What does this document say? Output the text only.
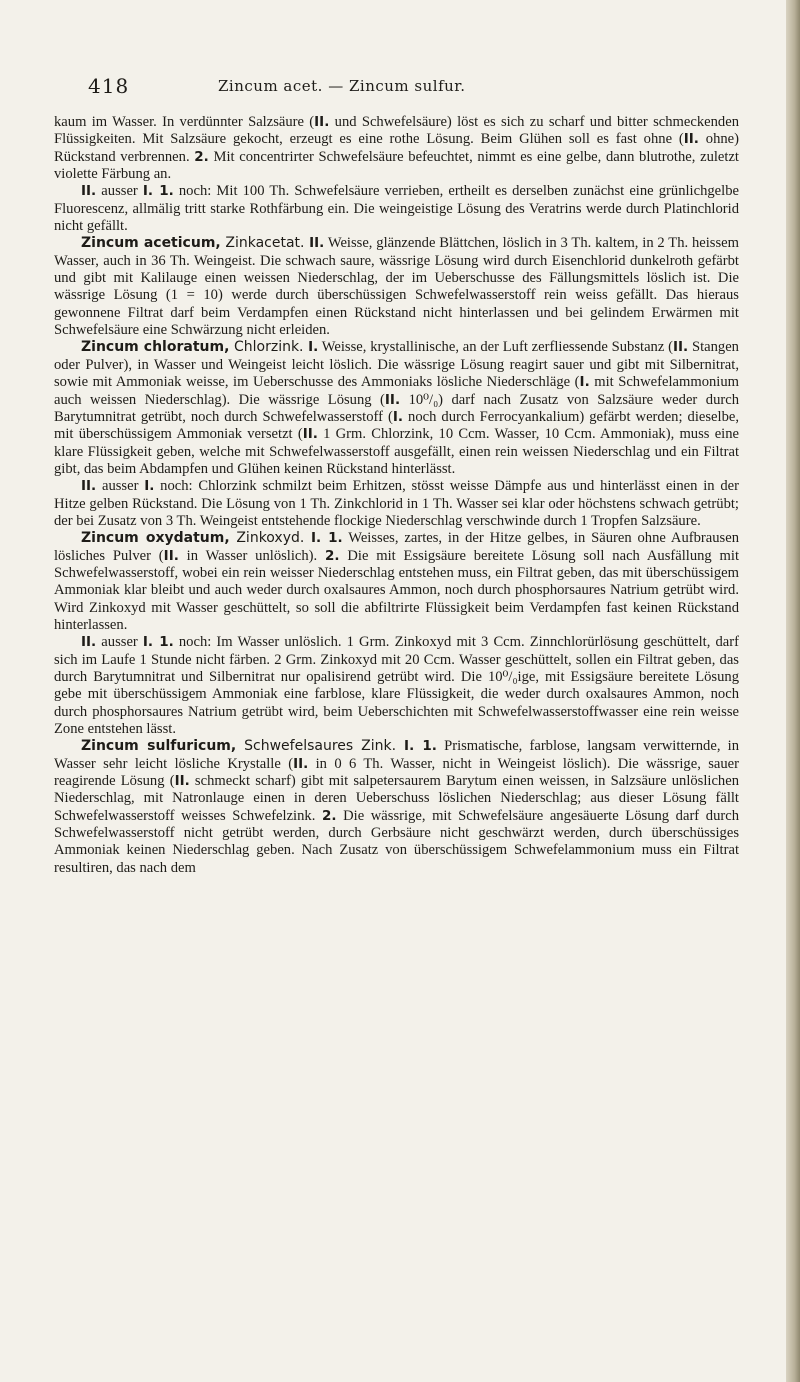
418	Zincum acet. — Zincum sulfur.

kaum im Wasser. In verdünnter Salzsäure (II. und Schwefelsäure) löst es sich zu scharf und bitter schmeckenden Flüssigkeiten. Mit Salzsäure gekocht, erzeugt es eine rothe Lösung. Beim Glühen soll es fast ohne (II. ohne) Rückstand verbrennen. 2. Mit concentrirter Schwefelsäure befeuchtet, nimmt es eine gelbe, dann blutrothe, zuletzt violette Färbung an.

II. ausser I. 1. noch: Mit 100 Th. Schwefelsäure verrieben, ertheilt es derselben zunächst eine grünlichgelbe Fluorescenz, allmälig tritt starke Rothfärbung ein. Die weingeistige Lösung des Veratrins werde durch Platinchlorid nicht gefällt.

Zincum aceticum, Zinkacetat. II. Weisse, glänzende Blättchen, löslich in 3 Th. kaltem, in 2 Th. heissem Wasser, auch in 36 Th. Weingeist. Die schwach saure, wässrige Lösung wird durch Eisenchlorid dunkelroth gefärbt und gibt mit Kalilauge einen weissen Niederschlag, der im Ueberschusse des Fällungsmittels löslich ist. Die wässrige Lösung (1 = 10) werde durch überschüssigen Schwefelwasserstoff rein weiss gefällt. Das hieraus gewonnene Filtrat darf beim Verdampfen einen Rückstand nicht hinterlassen und bei gelindem Erwärmen mit Schwefelsäure eine Schwärzung nicht erleiden.

Zincum chloratum, Chlorzink. I. Weisse, krystallinische, an der Luft zerfliessende Substanz (II. Stangen oder Pulver), in Wasser und Weingeist leicht löslich. Die wässrige Lösung reagirt sauer und gibt mit Silbernitrat, sowie mit Ammoniak weisse, im Ueberschusse des Ammoniaks lösliche Niederschläge (I. mit Schwefelammonium auch weissen Niederschlag). Die wässrige Lösung (II. 10⁰/₀) darf nach Zusatz von Salzsäure weder durch Barytumnitrat getrübt, noch durch Schwefelwasserstoff (I. noch durch Ferrocyankalium) gefärbt werden; dieselbe, mit überschüssigem Ammoniak versetzt (II. 1 Grm. Chlorzink, 10 Ccm. Wasser, 10 Ccm. Ammoniak), muss eine klare Flüssigkeit geben, welche mit Schwefelwasserstoff ausgefällt, einen rein weissen Niederschlag und ein Filtrat gibt, das beim Abdampfen und Glühen keinen Rückstand hinterlässt.

II. ausser I. noch: Chlorzink schmilzt beim Erhitzen, stösst weisse Dämpfe aus und hinterlässt einen in der Hitze gelben Rückstand. Die Lösung von 1 Th. Zinkchlorid in 1 Th. Wasser sei klar oder höchstens schwach getrübt; der bei Zusatz von 3 Th. Weingeist entstehende flockige Niederschlag verschwinde durch 1 Tropfen Salzsäure.

Zincum oxydatum, Zinkoxyd. I. 1. Weisses, zartes, in der Hitze gelbes, in Säuren ohne Aufbrausen lösliches Pulver (II. in Wasser unlöslich). 2. Die mit Essigsäure bereitete Lösung soll nach Ausfällung mit Schwefelwasserstoff, wobei ein rein weisser Niederschlag entstehen muss, ein Filtrat geben, das mit überschüssigem Ammoniak klar bleibt und auch weder durch oxalsaures Ammon, noch durch phosphorsaures Natrium getrübt wird. Wird Zinkoxyd mit Wasser geschüttelt, so soll die abfiltrirte Flüssigkeit beim Verdampfen fast keinen Rückstand hinterlassen.

II. ausser I. 1. noch: Im Wasser unlöslich. 1 Grm. Zinkoxyd mit 3 Ccm. Zinnchlorürlösung geschüttelt, darf sich im Laufe 1 Stunde nicht färben. 2 Grm. Zinkoxyd mit 20 Ccm. Wasser geschüttelt, sollen ein Filtrat geben, das durch Barytumnitrat und Silbernitrat nur opalisirend getrübt wird. Die 10⁰/₀ige, mit Essigsäure bereitete Lösung gebe mit überschüssigem Ammoniak eine farblose, klare Flüssigkeit, die weder durch oxalsaures Ammon, noch durch phosphorsaures Natrium getrübt wird, beim Ueberschichten mit Schwefelwasserstoffwasser eine rein weisse Zone entstehen lässt.

Zincum sulfuricum, Schwefelsaures Zink. I. 1. Prismatische, farblose, langsam verwitternde, in Wasser sehr leicht lösliche Krystalle (II. in 0 6 Th. Wasser, nicht in Weingeist löslich). Die wässrige, sauer reagirende Lösung (II. schmeckt scharf) gibt mit salpetersaurem Barytum einen weissen, in Salzsäure unlöslichen Niederschlag, mit Natronlauge einen in deren Ueberschuss löslichen Niederschlag; aus dieser Lösung fällt Schwefelwasserstoff weisses Schwefelzink. 2. Die wässrige, mit Schwefelsäure angesäuerte Lösung darf durch Schwefelwasserstoff nicht getrübt werden, durch Gerbsäure nicht geschwärzt werden, durch überschüssiges Ammoniak keinen Niederschlag geben. Nach Zusatz von überschüssigem Schwefelammonium muss ein Filtrat resultiren, das nach dem
